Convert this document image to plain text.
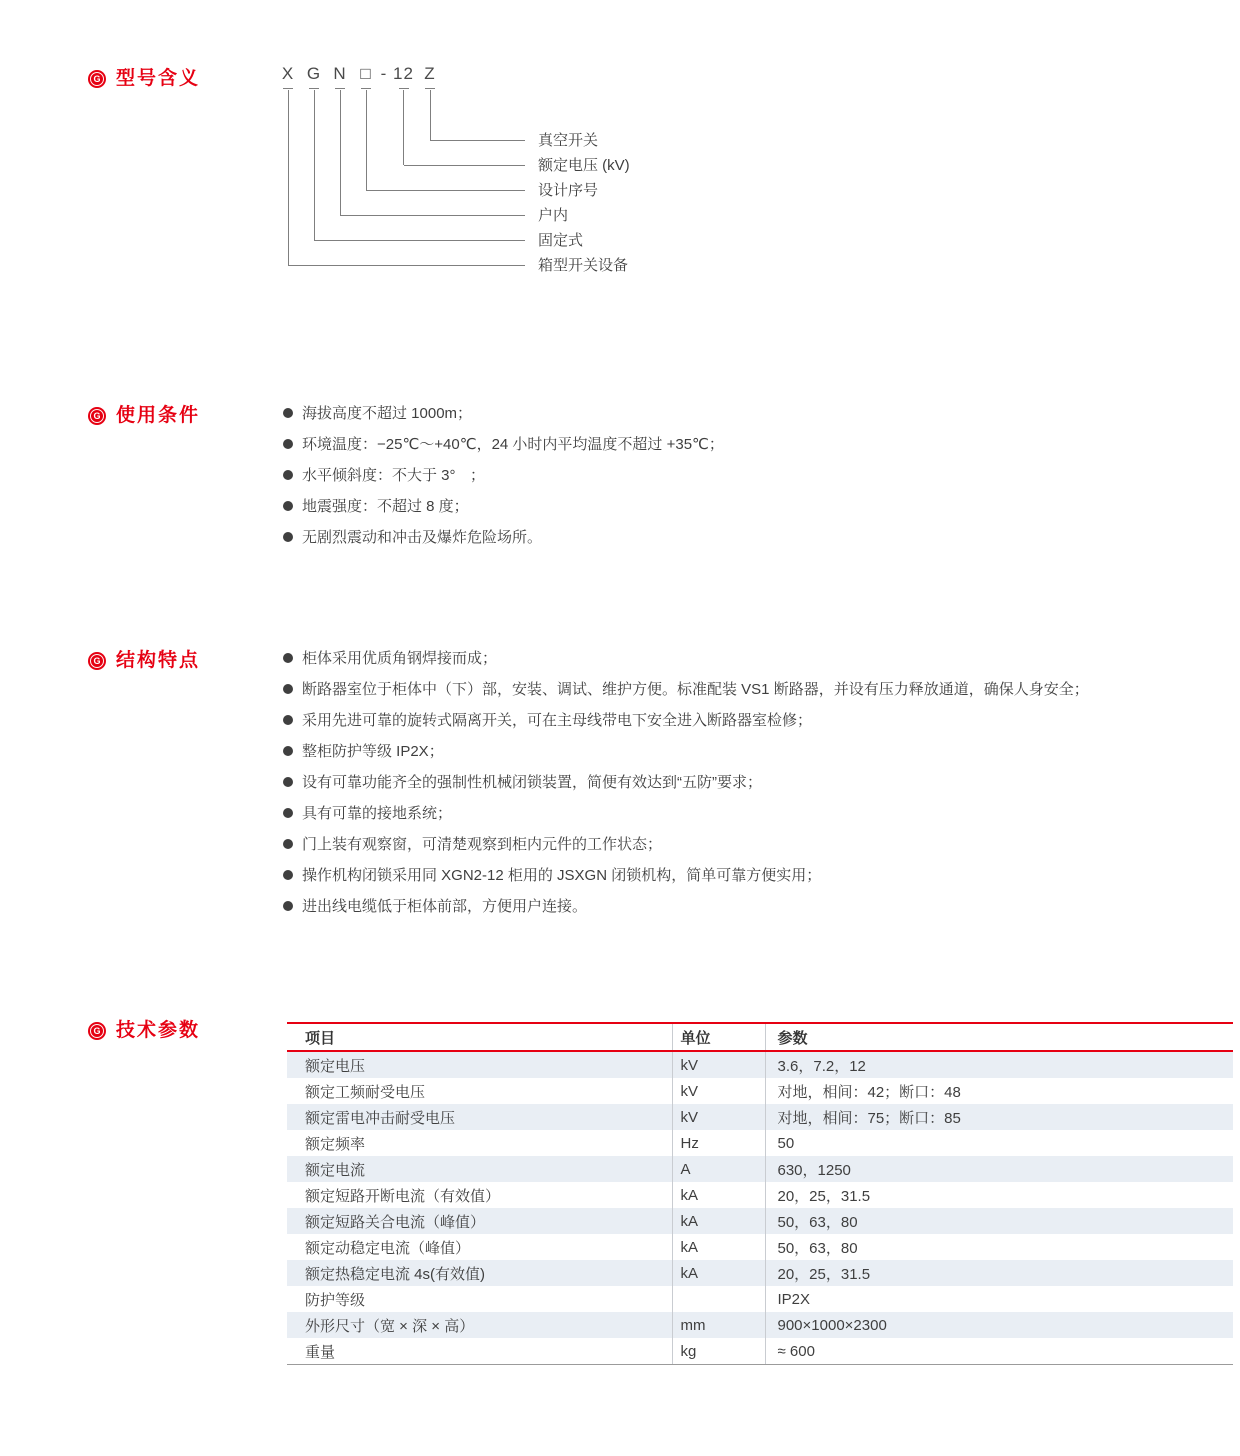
G 型号含义	X G N □ - 12 Z
真空开关
额定电压 (kV)
设计序号
户内
固定式
箱型开关设备
G 使用条件	海拔高度不超过 1000m；
环境温度：−25℃～+40℃，24 小时内平均温度不超过 +35℃；
水平倾斜度：不大于 3°ㅤ；
地震强度：不超过 8 度；
无剧烈震动和冲击及爆炸危险场所。
G 结构特点	柜体采用优质角钢焊接而成；
断路器室位于柜体中（下）部，安装、调试、维护方便。标准配装 VS1 断路器，并设有压力释放通道，确保人身安全；
采用先进可靠的旋转式隔离开关，可在主母线带电下安全进入断路器室检修；
整柜防护等级 IP2X；
设有可靠功能齐全的强制性机械闭锁装置，简便有效达到“五防”要求；
具有可靠的接地系统；
门上装有观察窗，可清楚观察到柜内元件的工作状态；
操作机构闭锁采用同 XGN2-12 柜用的 JSXGN 闭锁机构，简单可靠方便实用；
进出线电缆低于柜体前部，方便用户连接。
G 技术参数	项目	单位	参数
额定电压	kV	3.6，7.2，12
额定工频耐受电压	kV	对地，相间：42；断口：48
额定雷电冲击耐受电压	kV	对地，相间：75；断口：85
额定频率	Hz	50
额定电流	A	630，1250
额定短路开断电流（有效值）	kA	20，25，31.5
额定短路关合电流（峰值）	kA	50，63，80
额定动稳定电流（峰值）	kA	50，63，80
额定热稳定电流 4s(有效值)	kA	20，25，31.5
防护等级		IP2X
外形尺寸（宽 × 深 × 高）	mm	900×1000×2300
重量	kg	≈ 600
